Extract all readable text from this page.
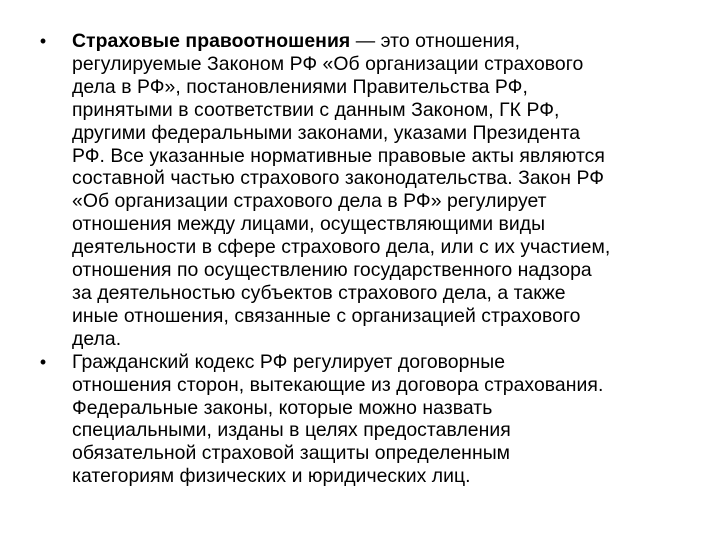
• Страховые правоотношения — это отношения,
регулируемые Законом РФ «Об организации страхового
дела в РФ», постановлениями Правительства РФ,
принятыми в соответствии с данным Законом, ГК РФ,
другими федеральными законами, указами Президента
РФ. Все указанные нормативные правовые акты являются
составной частью страхового законодательства. Закон РФ
«Об организации страхового дела в РФ» регулирует
отношения между лицами, осуществляющими виды
деятельности в сфере страхового дела, или с их участием,
отношения по осуществлению государственного надзора
за деятельностью субъектов страхового дела, а также
иные отношения, связанные с организацией страхового
дела.
• Гражданский кодекс РФ регулирует договорные
отношения сторон, вытекающие из договора страхования.
Федеральные законы, которые можно назвать
специальными, изданы в целях предоставления
обязательной страховой защиты определенным
категориям физических и юридических лиц.
